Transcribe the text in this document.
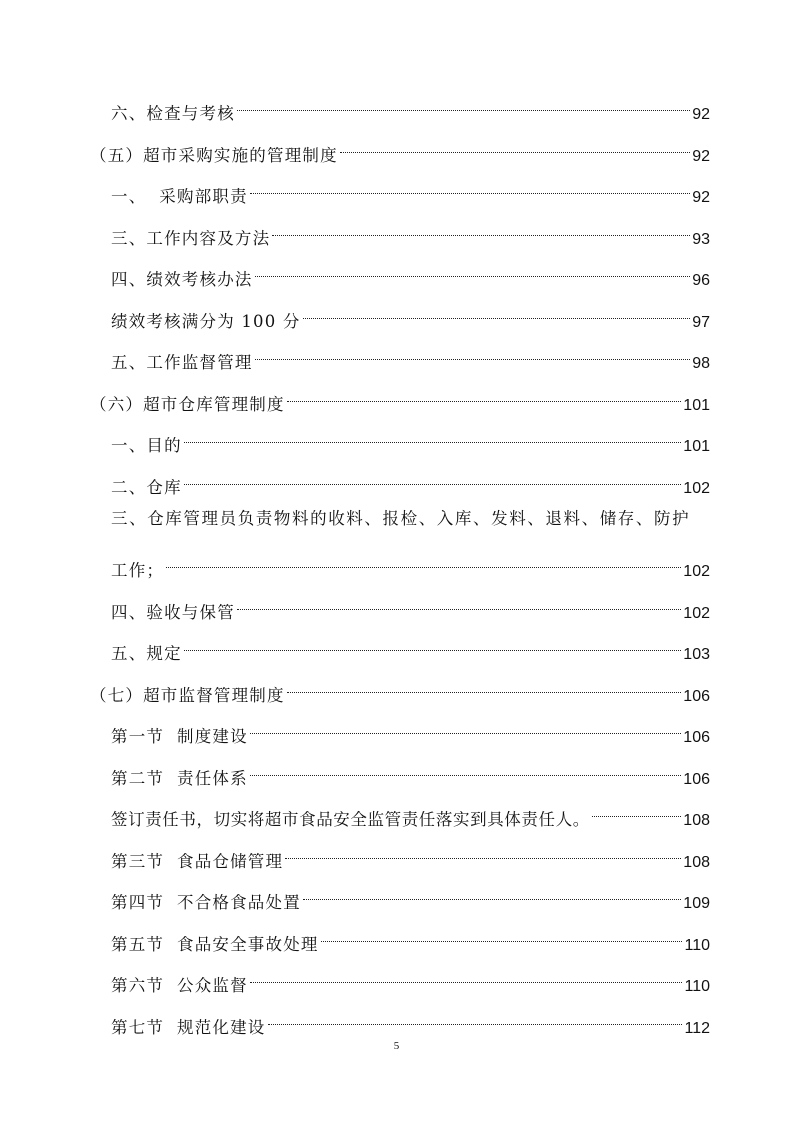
六、检查与考核	92
（五）超市采购实施的管理制度	92
一、  采购部职责	92
三、工作内容及方法	93
四、绩效考核办法	96
绩效考核满分为 100 分	97
五、工作监督管理	98
（六）超市仓库管理制度	101
一、目的	101
二、仓库	102
三、仓库管理员负责物料的收料、报检、入库、发料、退料、储存、防护
工作；	102
四、验收与保管	102
五、规定	103
（七）超市监督管理制度	106
第一节  制度建设	106
第二节  责任体系	106
签订责任书，切实将超市食品安全监管责任落实到具体责任人。	108
第三节  食品仓储管理	108
第四节  不合格食品处置	109
第五节  食品安全事故处理	110
第六节  公众监督	110
第七节  规范化建设	112
5
